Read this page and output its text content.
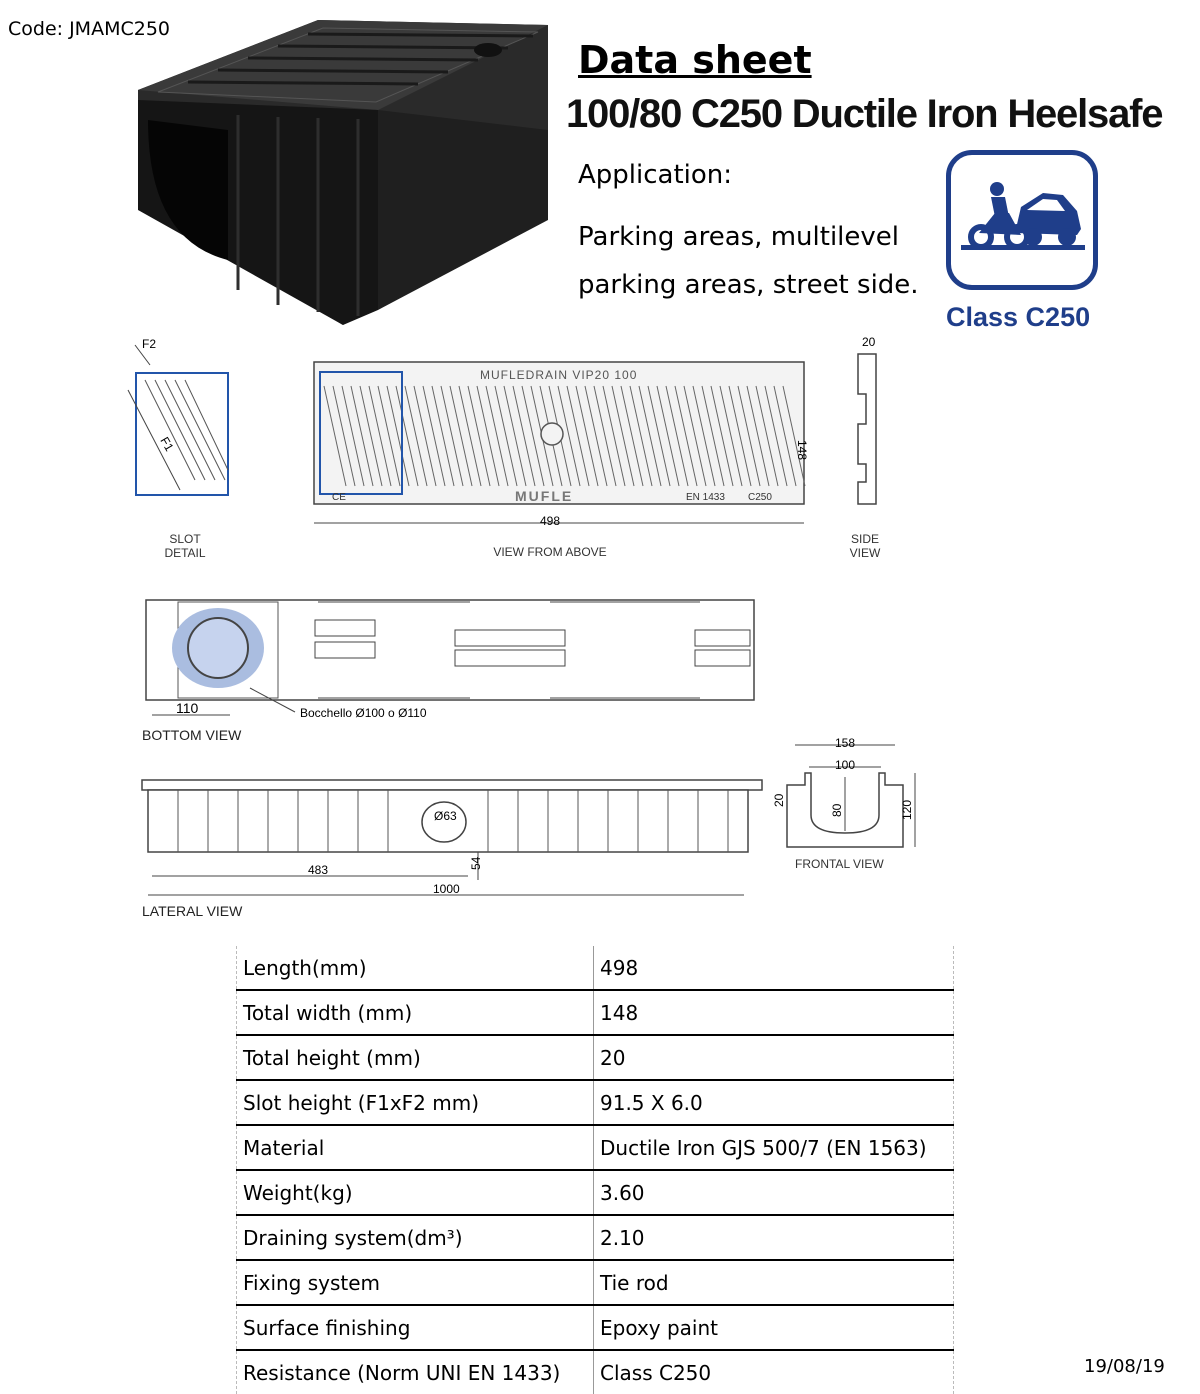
Code: JMAMC250
Data sheet
100/80 C250 Ductile Iron Heelsafe
Application:
Parking areas, multilevel
parking areas, street side.
Class C250
F1
F2
SLOT
DETAIL
MUFLEDRAIN VIP20 100
MUFLE	EN 1433 C250
CE
498
148
VIEW FROM ABOVE
20
SIDE
VIEW
110	Bocchello Ø100 o Ø110
BOTTOM VIEW
Ø63
483
1000
54
LATERAL VIEW
158
100
80
20	120
FRONTAL VIEW
Length(mm)	498
Total width (mm)	148
Total height (mm)	20
Slot height (F1xF2 mm)	91.5 X 6.0
Material	Ductile Iron GJS 500/7 (EN 1563)
Weight(kg)	3.60
Draining system(dm³)	2.10
Fixing system	Tie rod
Surface finishing	Epoxy paint
Resistance (Norm UNI EN 1433)	Class C250	19/08/19
